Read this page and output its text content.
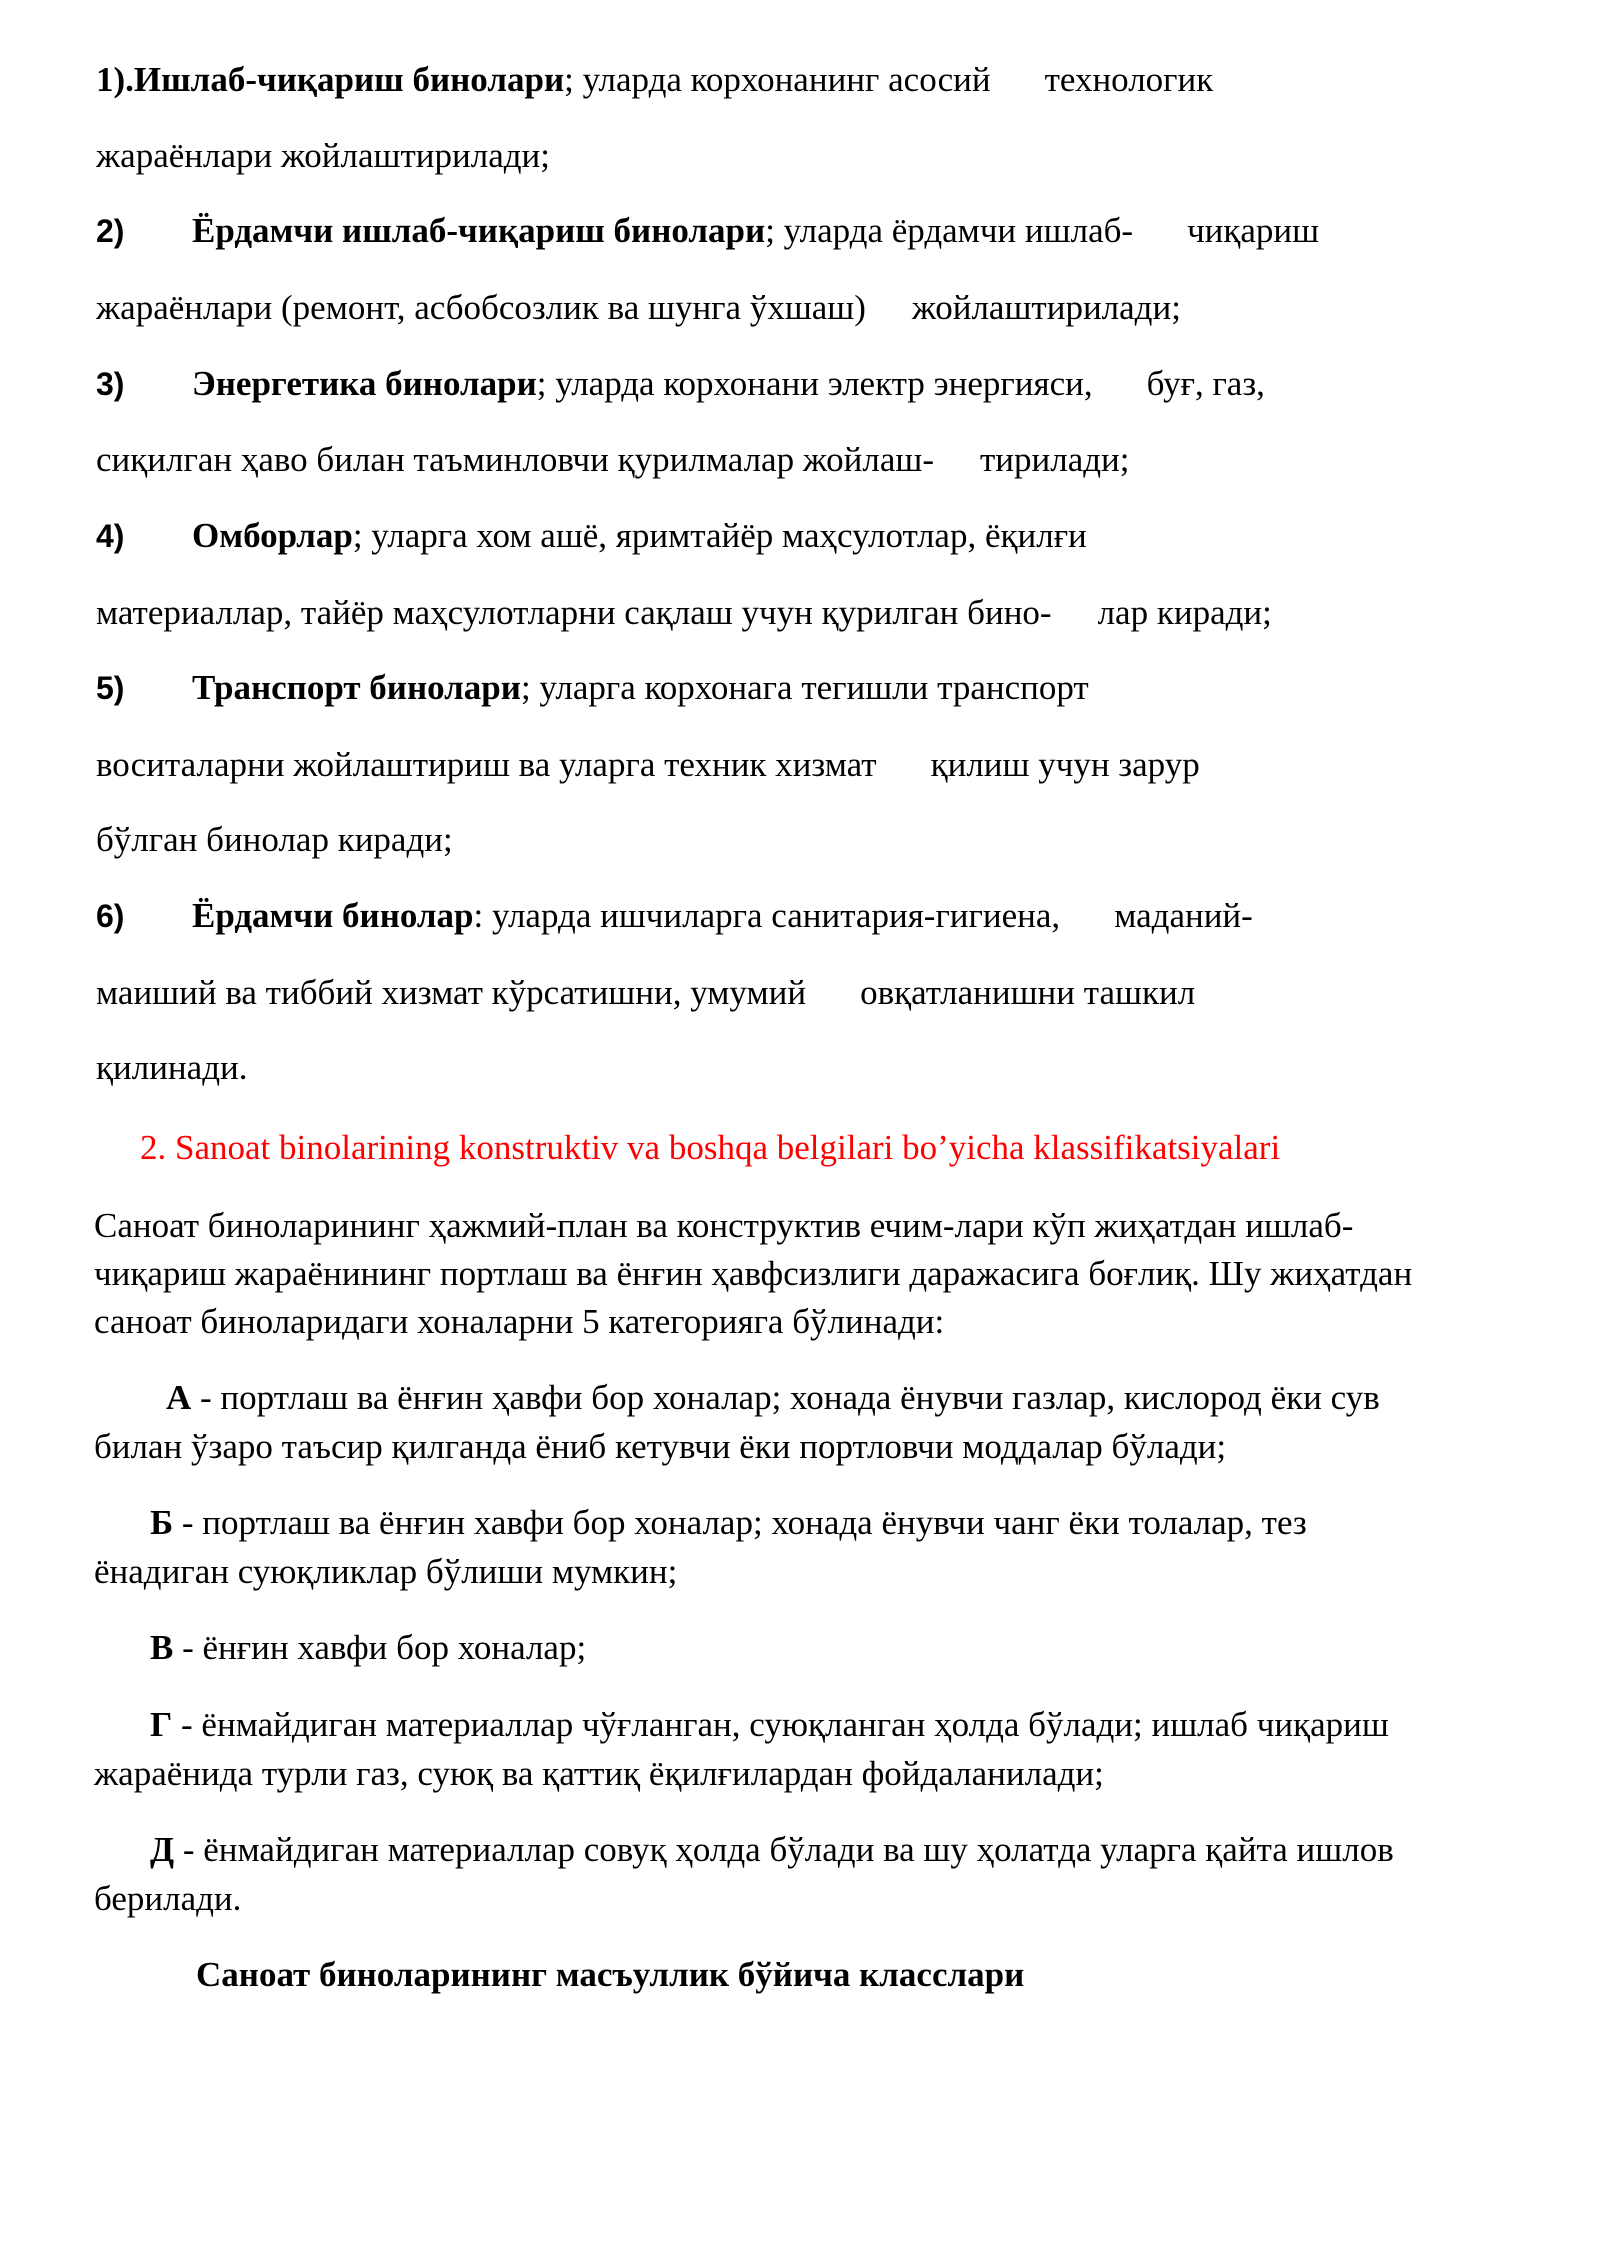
1).Ишлаб-чиқариш бинолари; уларда корхонанинг асосий технологик
жараёнлари жойлаштирилади;
2) Ёрдамчи ишлаб-чиқариш бинолари; уларда ёрдамчи ишлаб- чиқариш
жараёнлари (ремонт, асбобсозлик ва шунга ўхшаш) жойлаштирилади;
3) Энергетика бинолари; уларда корхонани электр энергияси, буғ, газ,
сиқилган ҳаво билан таъминловчи қурилмалар жойлаш- тирилади;
4) Омборлар; уларга хом ашё, яримтайёр маҳсулотлар, ёқилғи
материаллар, тайёр маҳсулотларни сақлаш учун қурилган бино- лар киради;
5) Транспорт бинолари; уларга корхонага тегишли транспорт
воситаларни жойлаштириш ва уларга техник хизмат қилиш учун зарур
бўлган бинолар киради;
6) Ёрдамчи бинолар: уларда ишчиларга санитария-гигиена, маданий-
маиший ва тиббий хизмат кўрсатишни, умумий овқатланишни ташкил
қилинади.
2. Sanoat binolarining konstruktiv va boshqa belgilari bo’yicha klassifikatsiyalari
Саноат биноларининг ҳажмий-план ва конструктив ечим-лари кўп жиҳатдан ишлаб-
чиқариш жараёнининг портлаш ва ёнғин ҳавфсизлиги даражасига боғлиқ. Шу жиҳатдан
саноат биноларидаги хоналарни 5 категорияга бўлинади:
А - портлаш ва ёнғин ҳавфи бор хоналар; хонада ёнувчи газлар, кислород ёки сув
билан ўзаро таъсир қилганда ёниб кетувчи ёки портловчи моддалар бўлади;
Б - портлаш ва ёнғин хавфи бор хоналар; хонада ёнувчи чанг ёки толалар, тез
ёнадиган суюқликлар бўлиши мумкин;
В - ёнғин хавфи бор хоналар;
Г - ёнмайдиган материаллар чўғланган, суюқланган ҳолда бўлади; ишлаб чиқариш
жараёнида турли газ, суюқ ва қаттиқ ёқилғилардан фойдаланилади;
Д - ёнмайдиган материаллар совуқ ҳолда бўлади ва шу ҳолатда уларга қайта ишлов
берилади.
Саноат биноларининг масъуллик бўйича класслари
